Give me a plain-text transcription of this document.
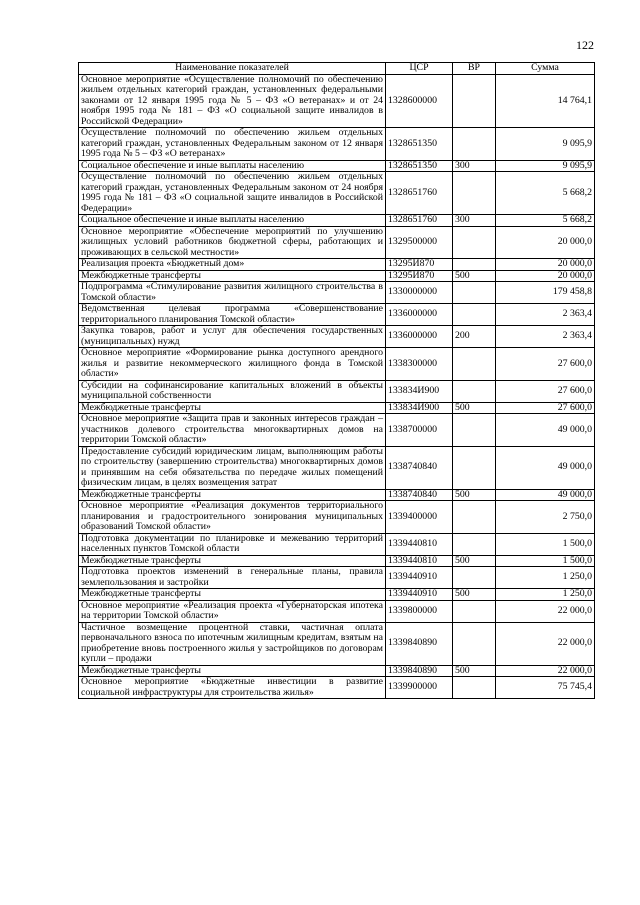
122
Наименование показателей	ЦСР	ВР	Сумма
Основное мероприятие «Осуществление полномочий по обеспечению жильем отдельных категорий граждан, установленных федеральными законами от 12 января 1995 года № 5 – ФЗ «О ветеранах» и от 24 ноября 1995 года № 181 – ФЗ «О социальной защите инвалидов в Российской Федерации»	1328600000		14 764,1
Осуществление полномочий по обеспечению жильем отдельных категорий граждан, установленных Федеральным законом от 12 января 1995 года № 5 – ФЗ «О ветеранах»	1328651350		9 095,9
Социальное обеспечение и иные выплаты населению	1328651350	300	9 095,9
Осуществление полномочий по обеспечению жильем отдельных категорий граждан, установленных Федеральным законом от 24 ноября 1995 года № 181 – ФЗ «О социальной защите инвалидов в Российской Федерации»	1328651760		5 668,2
Социальное обеспечение и иные выплаты населению	1328651760	300	5 668,2
Основное мероприятие «Обеспечение мероприятий по улучшению жилищных условий работников бюджетной сферы, работающих и проживающих в сельской местности»	1329500000		20 000,0
Реализация проекта «Бюджетный дом»	13295И870		20 000,0
Межбюджетные трансферты	13295И870	500	20 000,0
Подпрограмма «Стимулирование развития жилищного строительства в Томской области»	1330000000		179 458,8
Ведомственная целевая программа «Совершенствование территориального планирования Томской области»	1336000000		2 363,4
Закупка товаров, работ и услуг для обеспечения государственных (муниципальных) нужд	1336000000	200	2 363,4
Основное мероприятие «Формирование рынка доступного арендного жилья и развитие некоммерческого жилищного фонда в Томской области»	1338300000		27 600,0
Субсидии на софинансирование капитальных вложений в объекты муниципальной собственности	133834И900		27 600,0
Межбюджетные трансферты	133834И900	500	27 600,0
Основное мероприятие «Защита прав и законных интересов граждан – участников долевого строительства многоквартирных домов на территории Томской области»	1338700000		49 000,0
Предоставление субсидий юридическим лицам, выполняющим работы по строительству (завершению строительства) многоквартирных домов и принявшим на себя обязательства по передаче жилых помещений физическим лицам, в целях возмещения затрат	1338740840		49 000,0
Межбюджетные трансферты	1338740840	500	49 000,0
Основное мероприятие «Реализация документов территориального планирования и градостроительного зонирования муниципальных образований Томской области»	1339400000		2 750,0
Подготовка документации по планировке и межеванию территорий населенных пунктов Томской области	1339440810		1 500,0
Межбюджетные трансферты	1339440810	500	1 500,0
Подготовка проектов изменений в генеральные планы, правила землепользования и застройки	1339440910		1 250,0
Межбюджетные трансферты	1339440910	500	1 250,0
Основное мероприятие «Реализация проекта «Губернаторская ипотека на территории Томской области»	1339800000		22 000,0
Частичное возмещение процентной ставки, частичная оплата первоначального взноса по ипотечным жилищным кредитам, взятым на приобретение вновь построенного жилья у застройщиков по договорам купли – продажи	1339840890		22 000,0
Межбюджетные трансферты	1339840890	500	22 000,0
Основное мероприятие «Бюджетные инвестиции в развитие социальной инфраструктуры для строительства жилья»	1339900000		75 745,4
